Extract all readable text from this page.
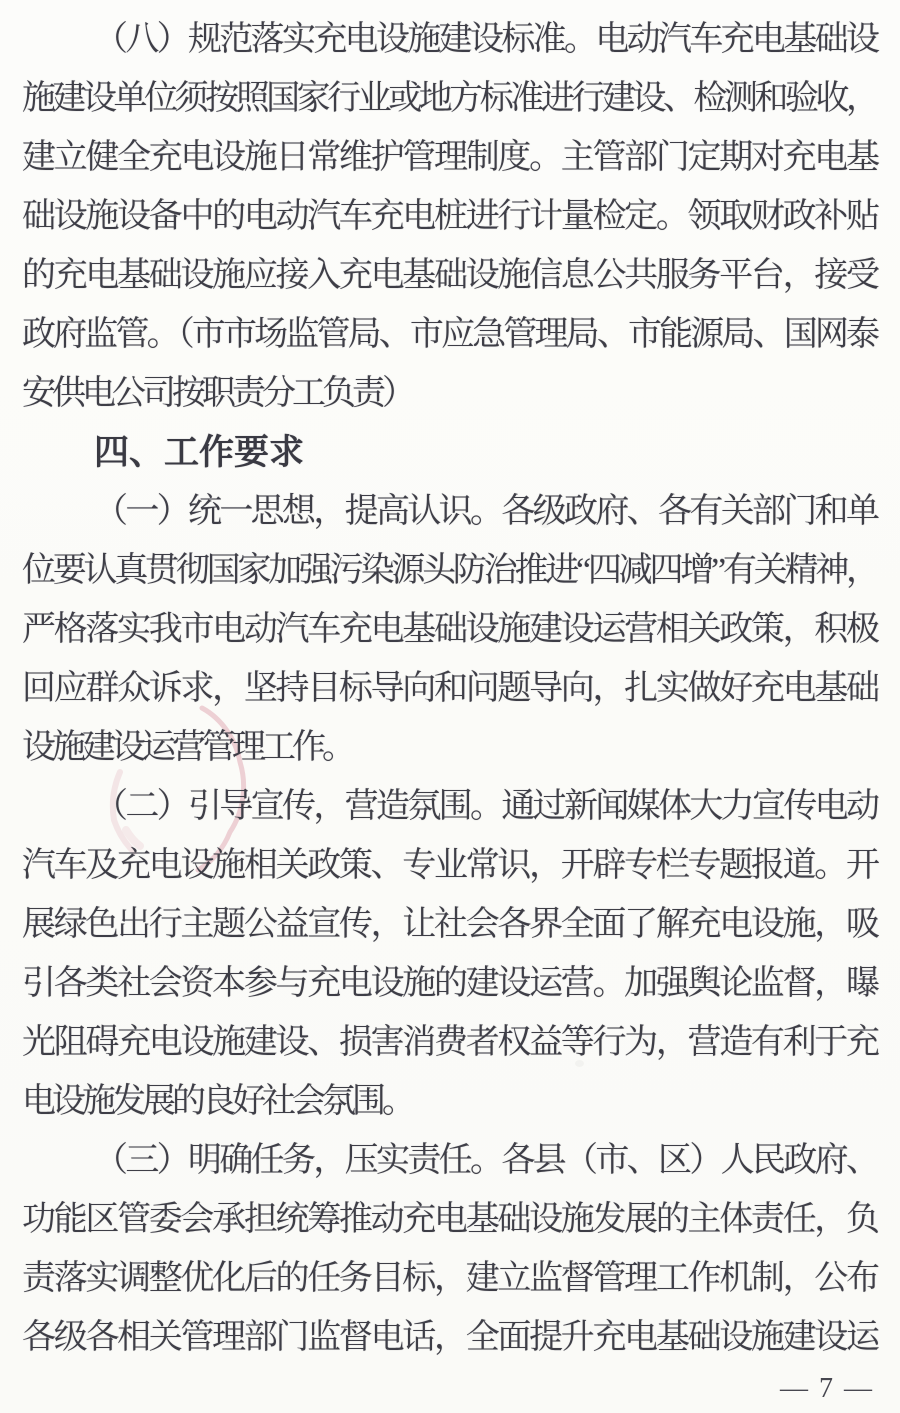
（八）规范落实充电设施建设标准。电动汽车充电基础设
施建设单位须按照国家行业或地方标准进行建设、检测和验收，
建立健全充电设施日常维护管理制度。主管部门定期对充电基
础设施设备中的电动汽车充电桩进行计量检定。领取财政补贴
的充电基础设施应接入充电基础设施信息公共服务平台，接受
政府监管。（市市场监管局、市应急管理局、市能源局、国网泰
安供电公司按职责分工负责）
四、工作要求
（一）统一思想，提高认识。各级政府、各有关部门和单
位要认真贯彻国家加强污染源头防治推进“四减四增”有关精神，
严格落实我市电动汽车充电基础设施建设运营相关政策，积极
回应群众诉求，坚持目标导向和问题导向，扎实做好充电基础
设施建设运营管理工作。
（二）引导宣传，营造氛围。通过新闻媒体大力宣传电动
汽车及充电设施相关政策、专业常识，开辟专栏专题报道。开
展绿色出行主题公益宣传，让社会各界全面了解充电设施，吸
引各类社会资本参与充电设施的建设运营。加强舆论监督，曝
光阻碍充电设施建设、损害消费者权益等行为，营造有利于充
电设施发展的良好社会氛围。
（三）明确任务，压实责任。各县（市、区）人民政府、
功能区管委会承担统筹推动充电基础设施发展的主体责任，负
责落实调整优化后的任务目标，建立监督管理工作机制，公布
各级各相关管理部门监督电话，全面提升充电基础设施建设运
— 7 —
